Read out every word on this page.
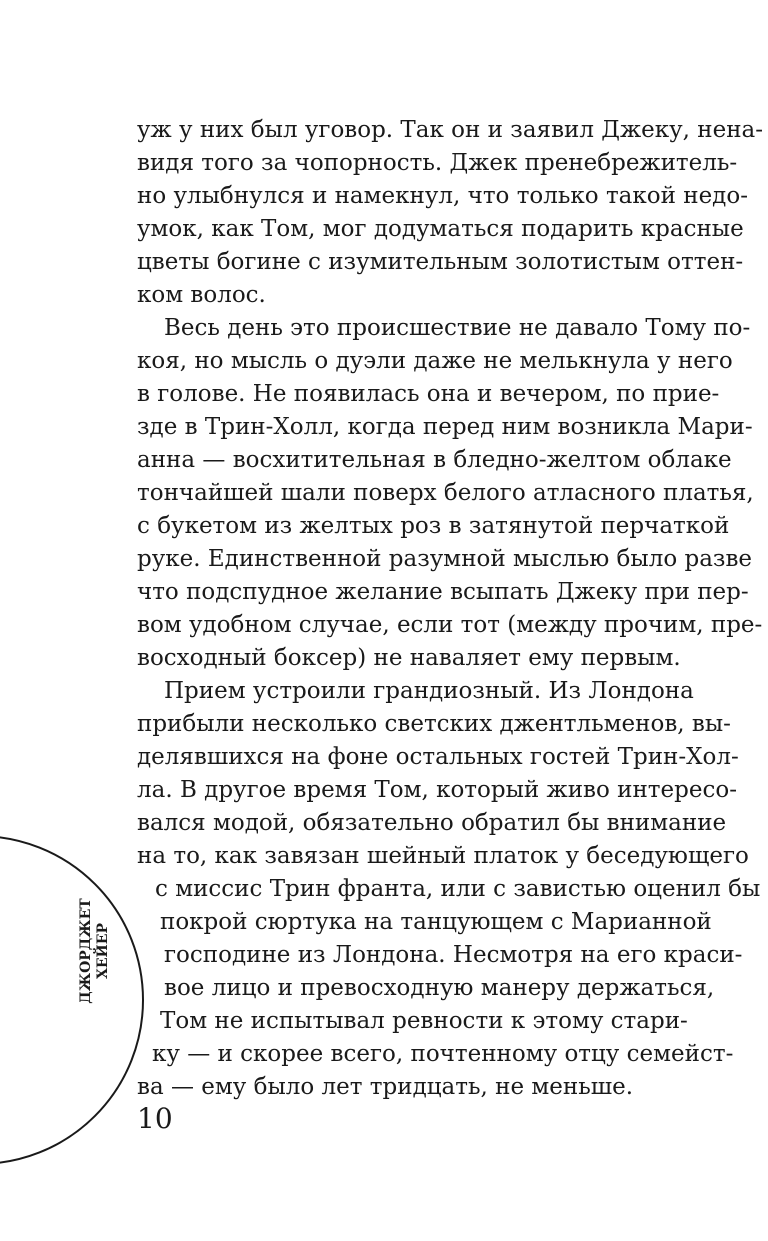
уж у них был уговор. Так он и заявил Джеку, нена-
видя того за чопорность. Джек пренебрежитель-
но улыбнулся и намекнул, что только такой недо-
умок, как Том, мог додуматься подарить красные
цветы богине с изумительным золотистым оттен-
ком волос.
Весь день это происшествие не давало Тому по-
коя, но мысль о дуэли даже не мелькнула у него
в голове. Не появилась она и вечером, по прие-
зде в Трин-Холл, когда перед ним возникла Мари-
анна — восхитительная в бледно-желтом облаке
тончайшей шали поверх белого атласного платья,
с букетом из желтых роз в затянутой перчаткой
руке. Единственной разумной мыслью было разве
что подспудное желание всыпать Джеку при пер-
вом удобном случае, если тот (между прочим, пре-
восходный боксер) не наваляет ему первым.
Прием устроили грандиозный. Из Лондона
прибыли несколько светских джентльменов, вы-
делявшихся на фоне остальных гостей Трин-Хол-
ла. В другое время Том, который живо интересо-
вался модой, обязательно обратил бы внимание
на то, как завязан шейный платок у беседующего
с миссис Трин франта, или с завистью оценил бы
покрой сюртука на танцующем с Марианной
господине из Лондона. Несмотря на его краси-
вое лицо и превосходную манеру держаться,
Том не испытывал ревности к этому стари-
ку — и скорее всего, почтенному отцу семейст-
ва — ему было лет тридцать, не меньше.
ДЖОРДЖЕТ ХЕЙЕР
10
